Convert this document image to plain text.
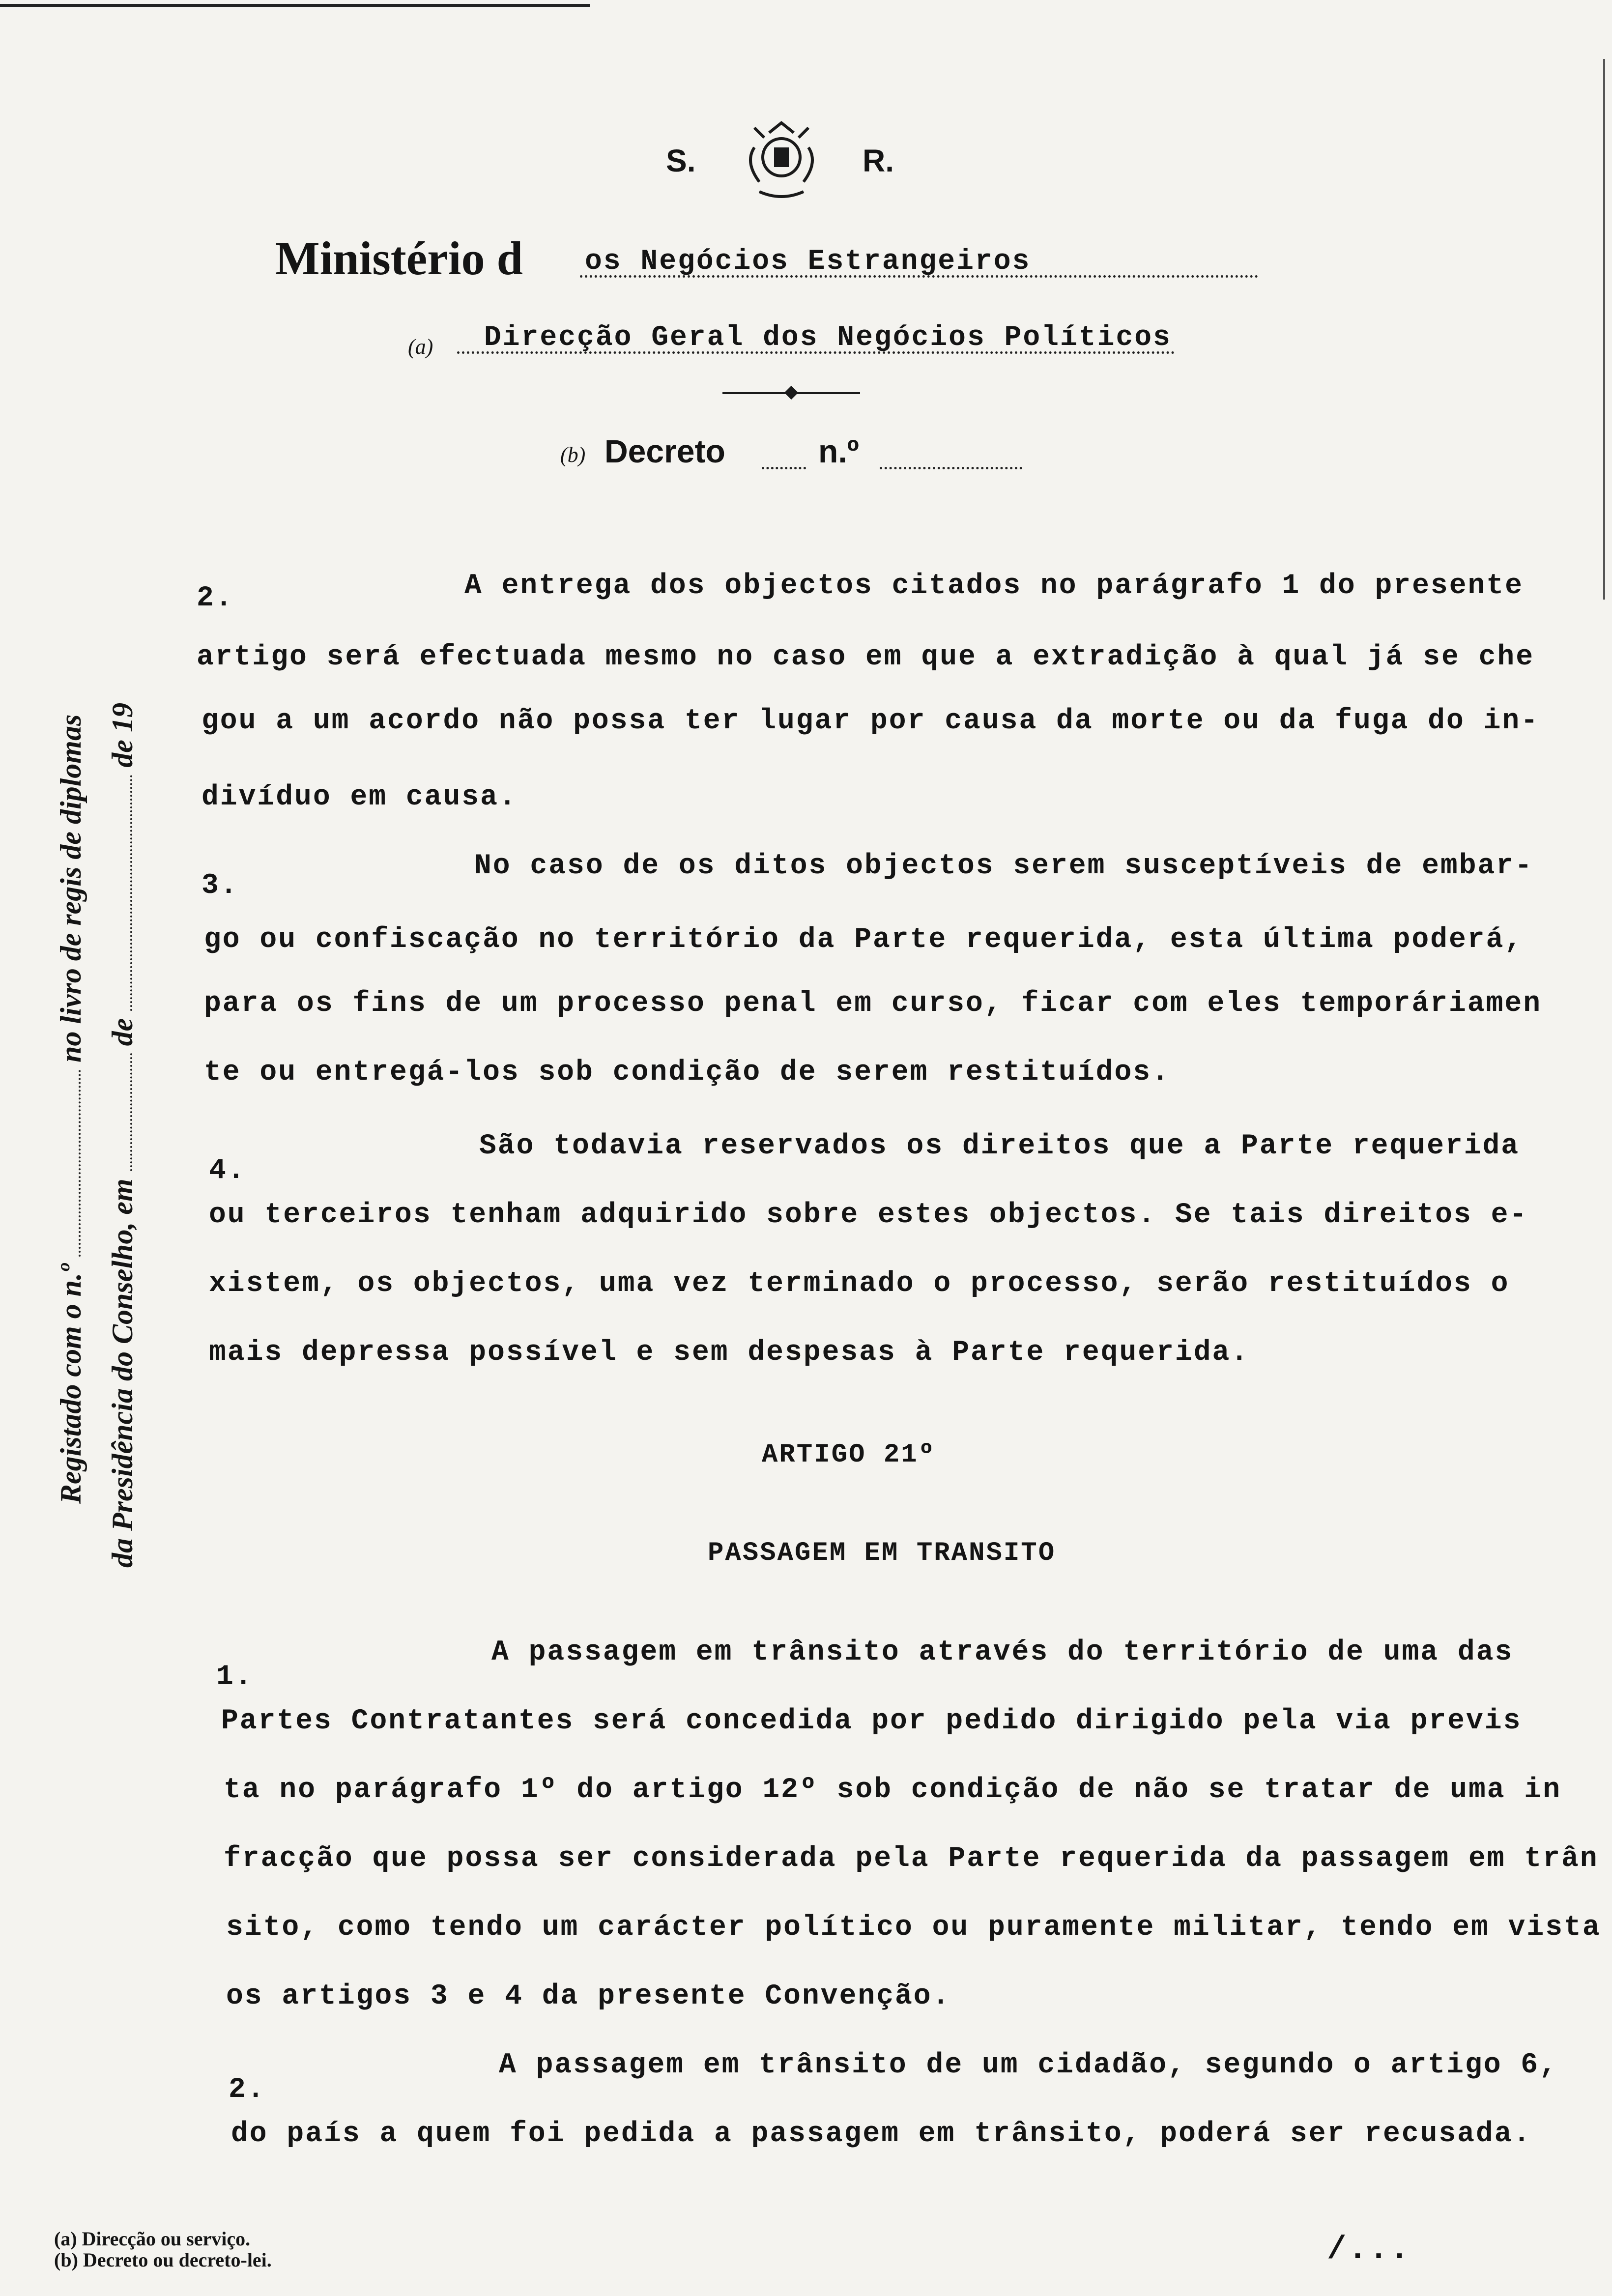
S.	R.
Ministério d os Negócios Estrangeiros
(a) Direcção Geral dos Negócios Políticos
(b) Decreto	n.º
Registado com o n.º  no livro de regis de diplomas
da Presidência do Conselho, em  de  de 19
2.	A entrega dos objectos citados no parágrafo 1 do presente
artigo será efectuada mesmo no caso em que a extradição à qual já se che
gou a um acordo não possa ter lugar por causa da morte ou da fuga do in-
divíduo em causa.
3.
No caso de os ditos objectos serem susceptíveis de embar-
go ou confiscação no território da Parte requerida, esta última poderá,
para os fins de um processo penal em curso, ficar com eles temporáriamen
te ou entregá-los sob condição de serem restituídos.
4.
São todavia reservados os direitos que a Parte requerida
ou terceiros tenham adquirido sobre estes objectos. Se tais direitos e-
xistem, os objectos, uma vez terminado o processo, serão restituídos o
mais depressa possível e sem despesas à Parte requerida.
ARTIGO 21º
PASSAGEM EM TRANSITO
1.
A passagem em trânsito através do território de uma das
Partes Contratantes será concedida por pedido dirigido pela via previs
ta no parágrafo 1º do artigo 12º sob condição de não se tratar de uma in
fracção que possa ser considerada pela Parte requerida da passagem em trân
sito, como tendo um carácter político ou puramente militar, tendo em vista
os artigos 3 e 4 da presente Convenção.
2.
A passagem em trânsito de um cidadão, segundo o artigo 6,
do país a quem foi pedida a passagem em trânsito, poderá ser recusada.
(a) Direcção ou serviço.
(b) Decreto ou decreto-lei.	/...
